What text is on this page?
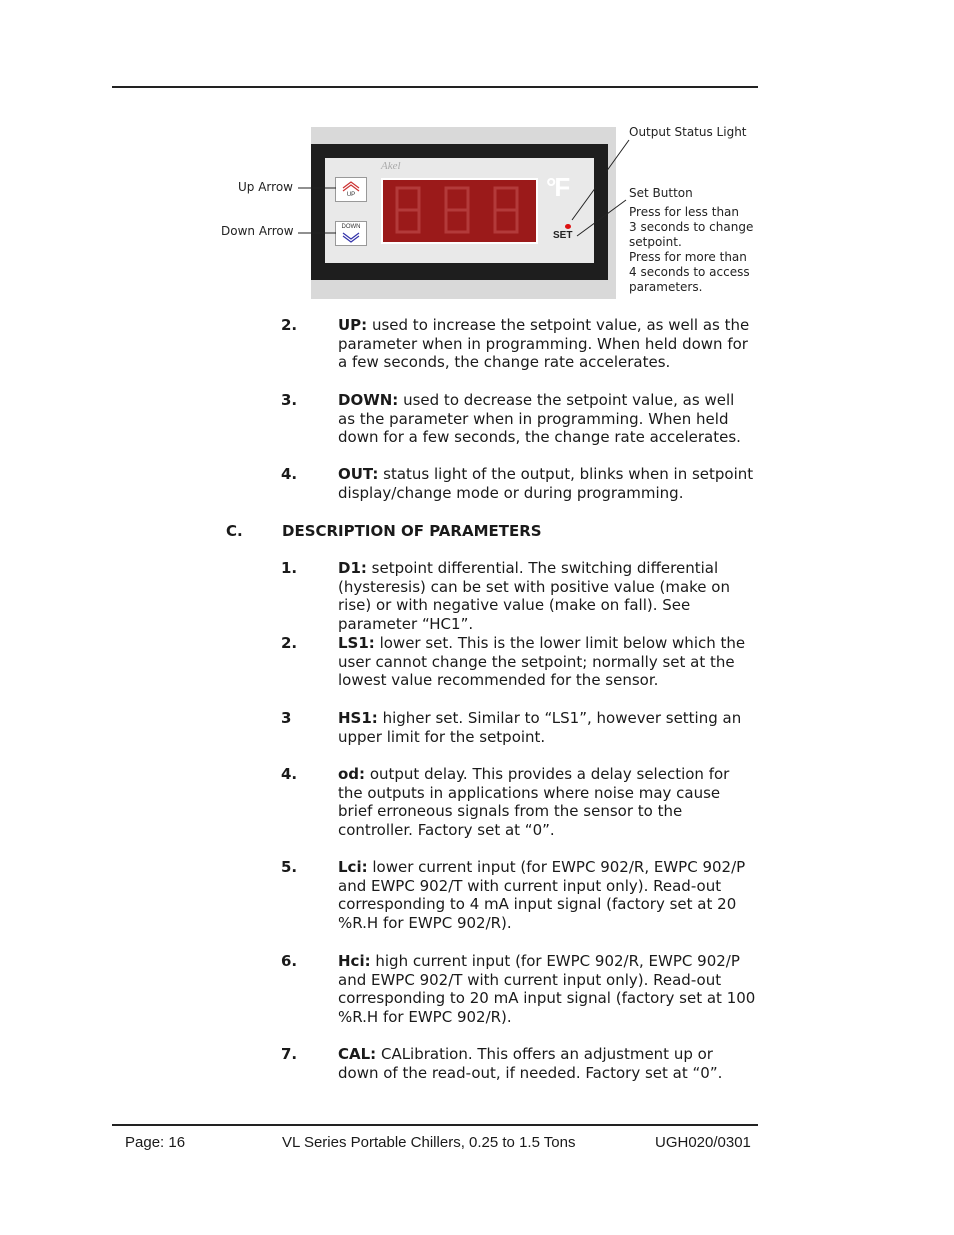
Akel
UP
DOWN
°F
SET
Up Arrow
Down Arrow
Output Status Light
Set Button
Press for less than
3 seconds to change
setpoint.
Press for more than
4 seconds to access
parameters.
2.	UP: used to increase the setpoint value, as well as the parameter when in programming. When held down for a few seconds, the change rate accelerates.
3.	DOWN: used to decrease the setpoint value, as well as the parameter when in programming. When held down for a few seconds, the change rate accelerates.
4.	OUT: status light of the output, blinks when in setpoint display/change mode or during programming.
C.	DESCRIPTION OF PARAMETERS
1.	D1: setpoint differential. The switching differential (hysteresis) can be set with positive value (make on rise) or with negative value (make on fall). See parameter “HC1”.
2.	LS1: lower set. This is the lower limit below which the user cannot change the setpoint; normally set at the lowest value recommended for the sensor.
3	HS1: higher set. Similar to “LS1”, however setting an upper limit for the setpoint.
4.	od: output delay. This provides a delay selection for the outputs in applications where noise may cause brief erroneous signals from the sensor to the controller. Factory set at “0”.
5.	Lci: lower current input (for EWPC 902/R, EWPC 902/P and EWPC 902/T with current input only). Read-out corresponding to 4 mA input signal (factory set at 20 %R.H for EWPC 902/R).
6.	Hci: high current input (for EWPC 902/R, EWPC 902/P and EWPC 902/T with current input only). Read-out corresponding to 20 mA input signal (factory set at 100 %R.H for EWPC 902/R).
7.	CAL: CALibration. This offers an adjustment up or down of the read-out, if needed. Factory set at “0”.
Page: 16	VL Series Portable Chillers, 0.25 to 1.5 Tons	UGH020/0301
